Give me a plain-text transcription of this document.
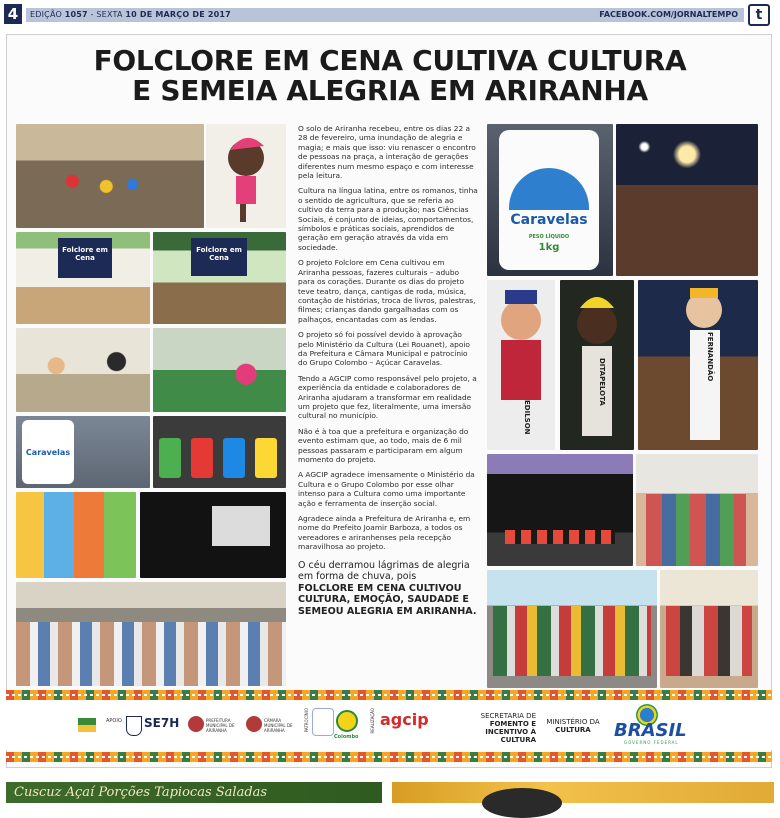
4	EDIÇÃO 1057 - SEXTA 10 DE MARÇO DE 2017	FACEBOOK.COM/JORNALTEMPO	t
FOLCLORE EM CENA CULTIVA CULTURA
E SEMEIA ALEGRIA EM ARIRANHA
Folclore em Cena
Folclore em Cena
Caravelas

O solo de Ariranha recebeu, entre os dias 22 a 28 de fevereiro, uma inundação de alegria e magia; e mais que isso: viu renascer o encontro de pessoas na praça, a interação de gerações diferentes num mesmo espaço e com interesse pela leitura.

Cultura na língua latina, entre os romanos, tinha o sentido de agricultura, que se referia ao cultivo da terra para a produção; nas Ciências Sociais, é conjunto de ideias, comportamentos, símbolos e práticas sociais, aprendidos de geração em geração através da vida em sociedade.

O projeto Folclore em Cena cultivou em Ariranha pessoas, fazeres culturais – adubo para os corações. Durante os dias do projeto teve teatro, dança, cantigas de roda, música, contação de histórias, troca de livros, palestras, filmes; crianças dando gargalhadas com os palhaços, encantadas com as lendas.

O projeto só foi possível devido à aprovação pelo Ministério da Cultura (Lei Rouanet), apoio da Prefeitura e Câmara Municipal e patrocínio do Grupo Colombo – Açúcar Caravelas.

Tendo a AGCIP como responsável pelo projeto, a experiência da entidade e colaboradores de Ariranha ajudaram a transformar em realidade um projeto que fez, literalmente, uma imersão cultural no município.

Não é à toa que a prefeitura e organização do evento estimam que, ao todo, mais de 6 mil pessoas passaram e participaram em algum momento do projeto.

A AGCIP agradece imensamente o Ministério da Cultura e o Grupo Colombo por esse olhar intenso para a Cultura como uma importante ação e ferramenta de inserção social.

Agradece ainda a Prefeitura de Ariranha e, em nome do Prefeito Joamir Barboza, a todos os vereadores e ariranhenses pela recepção maravilhosa ao projeto.

O céu derramou lágrimas de alegria em forma de chuva, pois
FOLCLORE EM CENA CULTIVOU CULTURA, EMOÇÃO, SAUDADE E SEMEOU ALEGRIA EM ARIRANHA.
Caravelas
PESO LÍQUIDO
1kg
EDILSON
DITAPELOTA
FERNANDÃO
APOIO SE7H	PREFEITURA MUNICIPAL DE ARIRANHA
CÂMARA MUNICIPAL DE ARIRANHA	PATROCÍNIO
Colombo
REALIZAÇÃO agcip	SECRETARIA DE
FOMENTO E
INCENTIVO À CULTURA
MINISTÉRIO DA
CULTURA	BRASIL
GOVERNO FEDERAL
Cuscuz Açaí Porções Tapiocas Saladas
